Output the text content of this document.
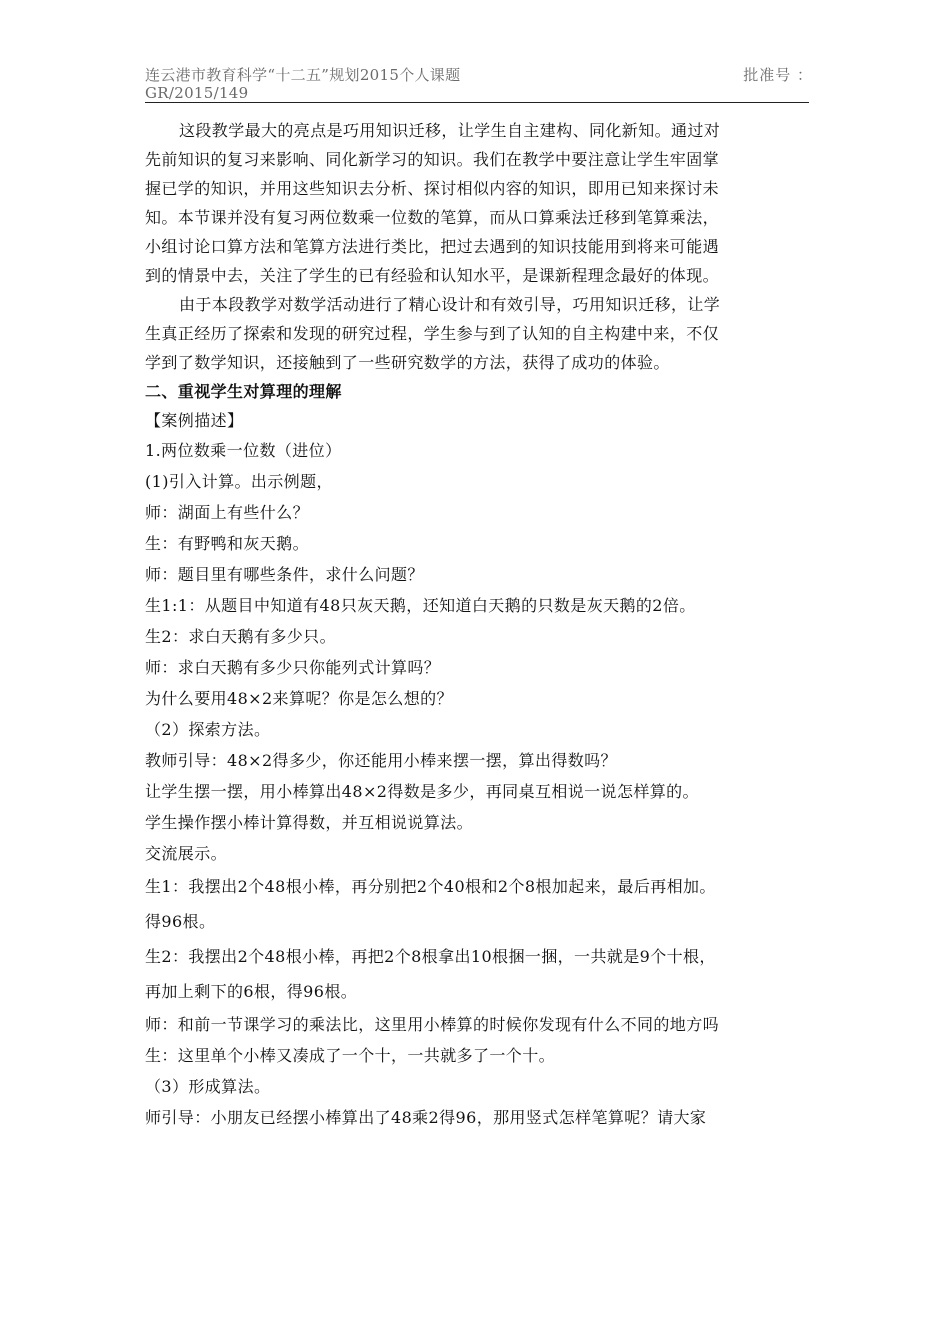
连云港市教育科学“十二五”规划2015个人课题
GR/2015/149
批准号 ：

这段教学最大的亮点是巧用知识迁移，让学生自主建构、同化新知。通过对

先前知识的复习来影响、同化新学习的知识。我们在教学中要注意让学生牢固掌

握已学的知识，并用这些知识去分析、探讨相似内容的知识，即用已知来探讨未

知。本节课并没有复习两位数乘一位数的笔算，而从口算乘法迁移到笔算乘法，

小组讨论口算方法和笔算方法进行类比，把过去遇到的知识技能用到将来可能遇

到的情景中去，关注了学生的已有经验和认知水平，是课新程理念最好的体现。

由于本段教学对数学活动进行了精心设计和有效引导，巧用知识迁移，让学

生真正经历了探索和发现的研究过程，学生参与到了认知的自主构建中来，不仅

学到了数学知识，还接触到了一些研究数学的方法，获得了成功的体验。

二、重视学生对算理的理解

【案例描述】

1.两位数乘一位数（进位）

(1)引入计算。出示例题，

师：湖面上有些什么？

生：有野鸭和灰天鹅。

师：题目里有哪些条件，求什么问题？

生1:1：从题目中知道有48只灰天鹅，还知道白天鹅的只数是灰天鹅的2倍。

生2：求白天鹅有多少只。

师：求白天鹅有多少只你能列式计算吗？

为什么要用48×2来算呢？你是怎么想的？

（2）探索方法。

教师引导：48×2得多少，你还能用小棒来摆一摆，算出得数吗？

让学生摆一摆，用小棒算出48×2得数是多少，再同桌互相说一说怎样算的。

学生操作摆小棒计算得数，并互相说说算法。

交流展示。

生1：我摆出2个48根小棒，再分别把2个40根和2个8根加起来，最后再相加。

得96根。

生2：我摆出2个48根小棒，再把2个8根拿出10根捆一捆，一共就是9个十根，

再加上剩下的6根，得96根。

师：和前一节课学习的乘法比，这里用小棒算的时候你发现有什么不同的地方吗

生：这里单个小棒又凑成了一个十，一共就多了一个十。

（3）形成算法。

师引导：小朋友已经摆小棒算出了48乘2得96，那用竖式怎样笔算呢？请大家
